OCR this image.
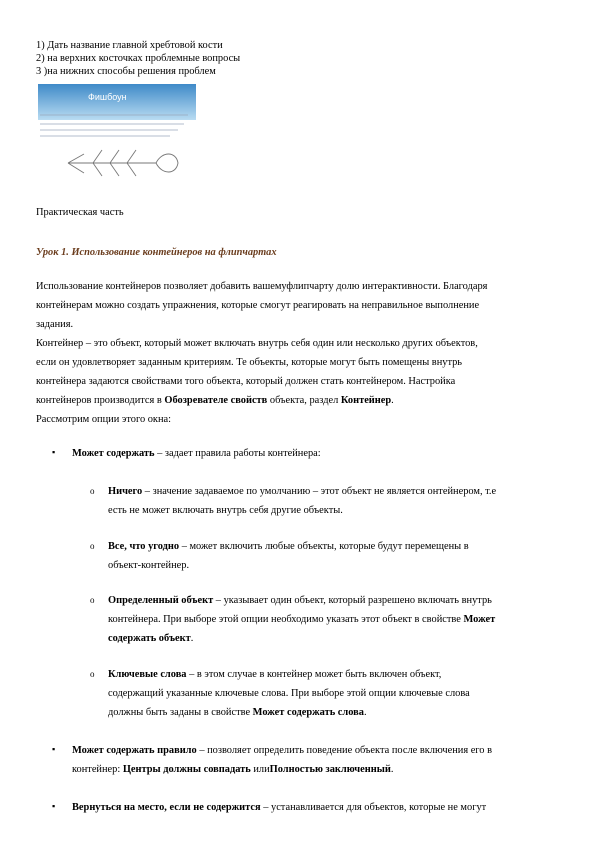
1) Дать название главной хребтовой кости
2) на верхних косточках проблемные вопросы
3 )на нижних способы решения проблем
Фишбоун
Практическая часть
Урок 1. Использование контейнеров на флипчартах
Использование контейнеров позволяет добавить вашемуфлипчарту долю интерактивности. Благодаря
контейнерам можно создать упражнения, которые смогут реагировать на неправильное выполнение
задания.
Контейнер – это объект, который может включать внутрь себя один или несколько других объектов,
если он удовлетворяет заданным критериям. Те объекты, которые могут быть помещены внутрь
контейнера задаются свойствами того объекта, который должен стать контейнером. Настройка
контейнеров производится в Обозревателе свойств объекта, раздел Контейнер.
Рассмотрим опции этого окна:
▪ Может содержать – задает правила работы контейнера:
o Ничего – значение задаваемое по умолчанию – этот объект не является онтейнером, т.е
есть не может включать внутрь себя другие объекты.
o Все, что угодно – может включить любые объекты, которые будут перемещены в
объект-контейнер.
o Определенный объект – указывает один объект, который разрешено включать внутрь
контейнера. При выборе этой опции необходимо указать этот объект в свойстве Может
содержать объект.
o Ключевые слова – в этом случае в контейнер может быть включен объект,
содержащий указанные ключевые слова. При выборе этой опции ключевые слова
должны быть заданы в свойстве Может содержать слова.
▪ Может содержать правило – позволяет определить поведение объекта после включения его в
контейнер: Центры должны совпадать илиПолностью заключенный.
▪ Вернуться на место, если не содержится – устанавливается для объектов, которые не могут
